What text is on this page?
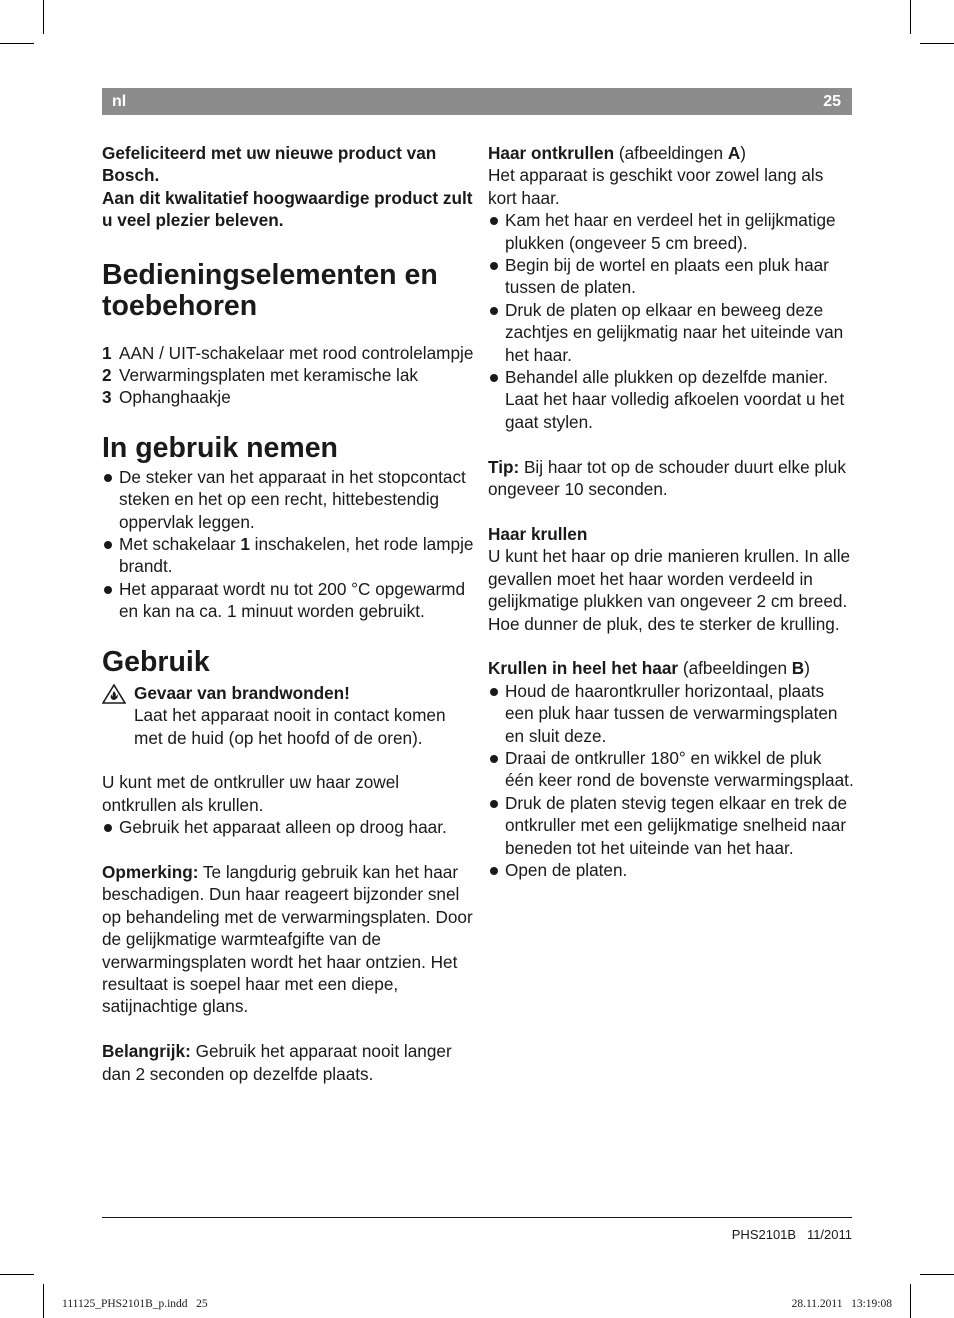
nl	25

Gefeliciteerd met uw nieuwe product van Bosch.

Aan dit kwalitatief hoogwaardige product zult u veel plezier beleven.

Bedieningselementen en toebehoren
1 AAN / UIT-schakelaar met rood controlelampje
2 Verwarmingsplaten met keramische lak
3 Ophanghaakje
In gebruik nemen
De steker van het apparaat in het stopcontact steken en het op een recht, hittebestendig oppervlak leggen.
Met schakelaar 1 inschakelen, het rode lampje brandt.
Het apparaat wordt nu tot 200 °C opgewarmd en kan na ca. 1 minuut worden gebruikt.
Gebruik

Gevaar van brandwonden!

Laat het apparaat nooit in contact komen met de huid (op het hoofd of de oren).

U kunt met de ontkruller uw haar zowel ontkrullen als krullen.

Gebruik het apparaat alleen op droog haar.

Opmerking: Te langdurig gebruik kan het haar beschadigen. Dun haar reageert bijzonder snel op behandeling met de verwarmingsplaten. Door de gelijkmatige warmteafgifte van de verwarmingsplaten wordt het haar ontzien. Het resultaat is soepel haar met een diepe, satijnachtige glans.

Belangrijk: Gebruik het apparaat nooit langer dan 2 seconden op dezelfde plaats.

Haar ontkrullen (afbeeldingen A)

Het apparaat is geschikt voor zowel lang als kort haar.

Kam het haar en verdeel het in gelijkmatige plukken (ongeveer 5 cm breed).
Begin bij de wortel en plaats een pluk haar tussen de platen.
Druk de platen op elkaar en beweeg deze zachtjes en gelijkmatig naar het uiteinde van het haar.
Behandel alle plukken op dezelfde manier. Laat het haar volledig afkoelen voordat u het gaat stylen.

Tip: Bij haar tot op de schouder duurt elke pluk ongeveer 10 seconden.

Haar krullen

U kunt het haar op drie manieren krullen. In alle gevallen moet het haar worden verdeeld in gelijkmatige plukken van ongeveer 2 cm breed. Hoe dunner de pluk, des te sterker de krulling.

Krullen in heel het haar (afbeeldingen B)

Houd de haarontkruller horizontaal, plaats een pluk haar tussen de verwarmingsplaten en sluit deze.
Draai de ontkruller 180° en wikkel de pluk één keer rond de bovenste verwarmingsplaat.
Druk de platen stevig tegen elkaar en trek de ontkruller met een gelijkmatige snelheid naar beneden tot het uiteinde van het haar.
Open de platen.
PHS2101B 11/2011
111125_PHS2101B_p.indd   25	28.11.2011   13:19:08
